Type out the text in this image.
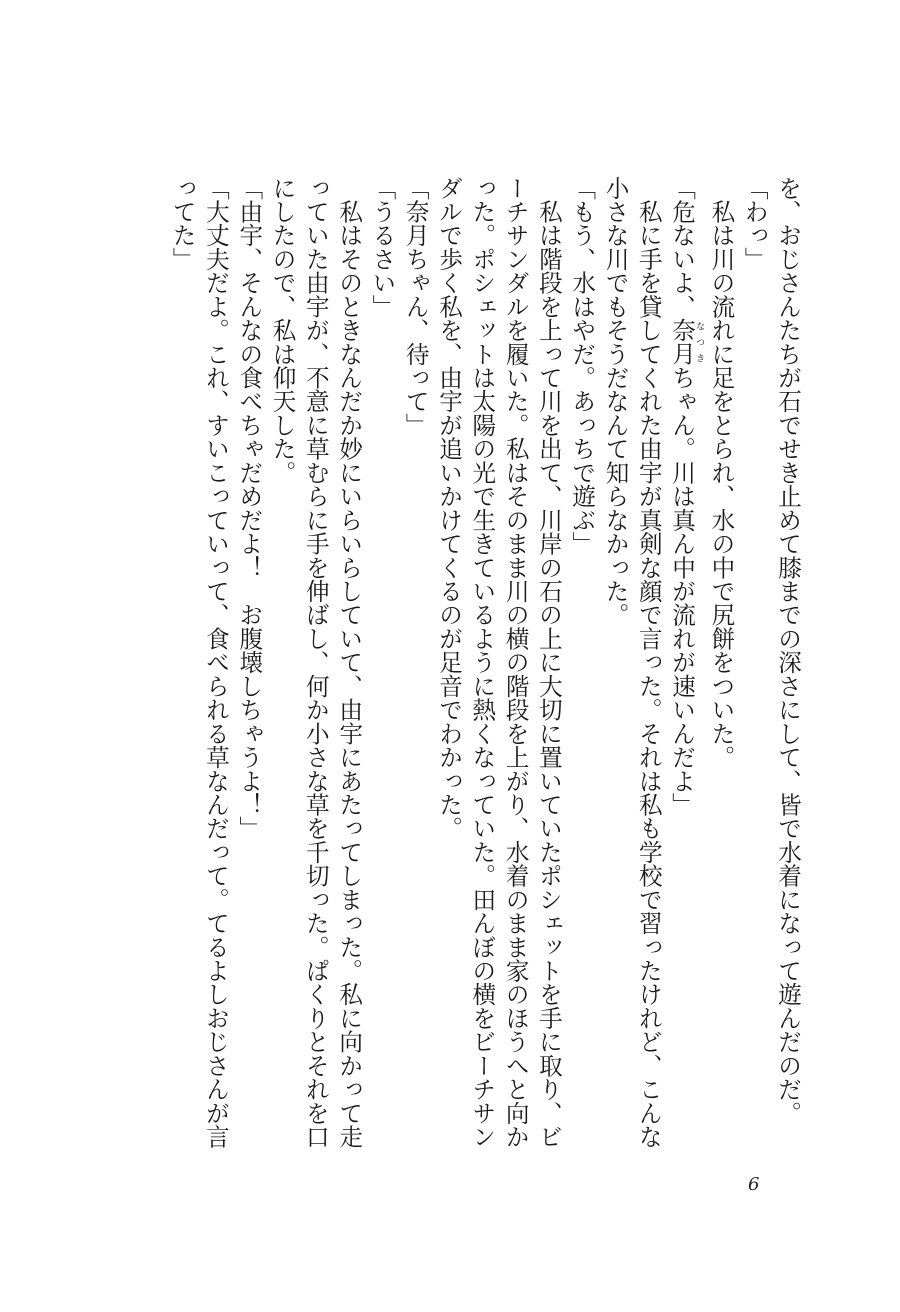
を、おじさんたちが石でせき止めて膝までの深さにして、皆で水着になって遊んだのだ。
「わっ」
　私は川の流れに足をとられ、水の中で尻餅をついた。
「危ないよ、奈月なつきちゃん。川は真ん中が流れが速いんだよ」
　私に手を貸してくれた由宇が真剣な顔で言った。それは私も学校で習ったけれど、こんな小さな川でもそうだなんて知らなかった。
「もう、水はやだ。あっちで遊ぶ」
　私は階段を上って川を出て、川岸の石の上に大切に置いていたポシェットを手に取り、ビーチサンダルを履いた。私はそのまま川の横の階段を上がり、水着のまま家のほうへと向かった。ポシェットは太陽の光で生きているように熱くなっていた。田んぼの横をビーチサンダルで歩く私を、由宇が追いかけてくるのが足音でわかった。
「奈月ちゃん、待って」
「うるさい」
　私はそのときなんだか妙にいらいらしていて、由宇にあたってしまった。私に向かって走っていた由宇が、不意に草むらに手を伸ばし、何か小さな草を千切った。ぱくりとそれを口にしたので、私は仰天した。
「由宇、そんなの食べちゃだめだよ！　お腹壊しちゃうよ！」
「大丈夫だよ。これ、すいこっていって、食べられる草なんだって。てるよしおじさんが言ってた」
6
